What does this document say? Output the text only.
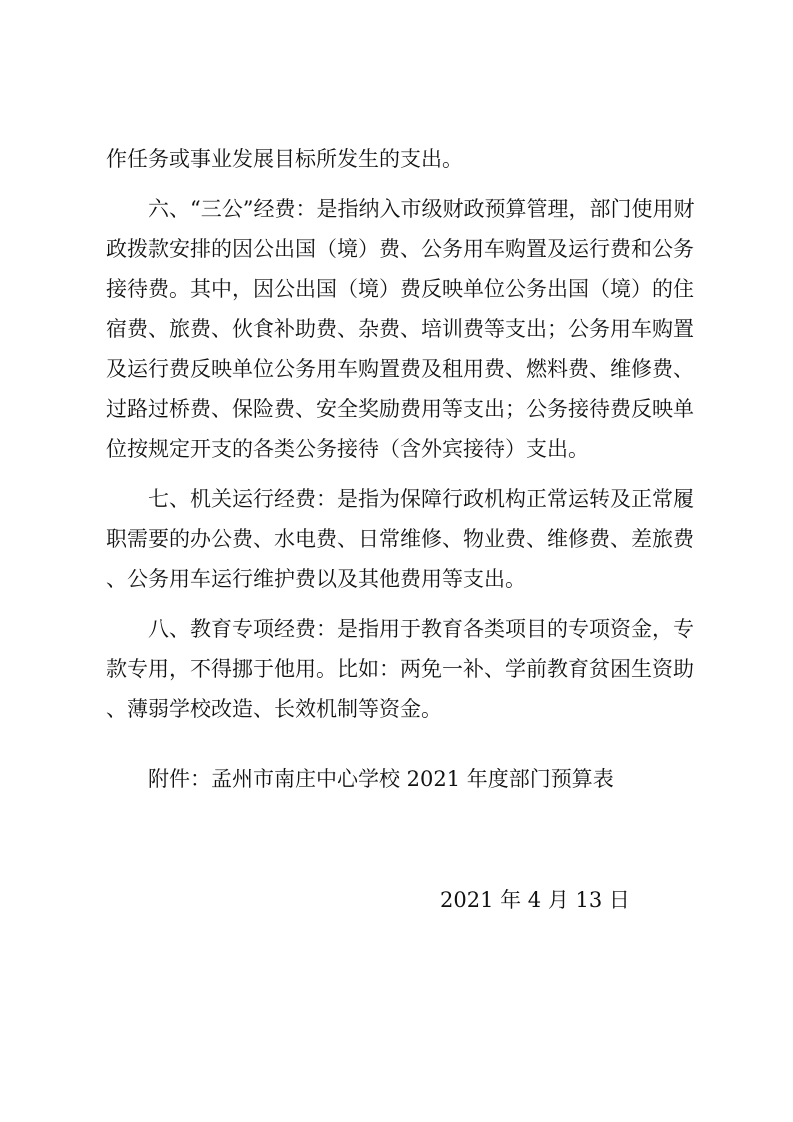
作任务或事业发展目标所发生的支出。
六、“三公”经费：是指纳入市级财政预算管理，部门使用财
政拨款安排的因公出国（境）费、公务用车购置及运行费和公务
接待费。其中，因公出国（境）费反映单位公务出国（境）的住
宿费、旅费、伙食补助费、杂费、培训费等支出；公务用车购置
及运行费反映单位公务用车购置费及租用费、燃料费、维修费、
过路过桥费、保险费、安全奖励费用等支出；公务接待费反映单
位按规定开支的各类公务接待（含外宾接待）支出。
七、机关运行经费：是指为保障行政机构正常运转及正常履
职需要的办公费、水电费、日常维修、物业费、维修费、差旅费
、公务用车运行维护费以及其他费用等支出。
八、教育专项经费：是指用于教育各类项目的专项资金，专
款专用，不得挪于他用。比如：两免一补、学前教育贫困生资助
、薄弱学校改造、长效机制等资金。
附件：孟州市南庄中心学校 2021 年度部门预算表
2021 年 4 月 13 日
